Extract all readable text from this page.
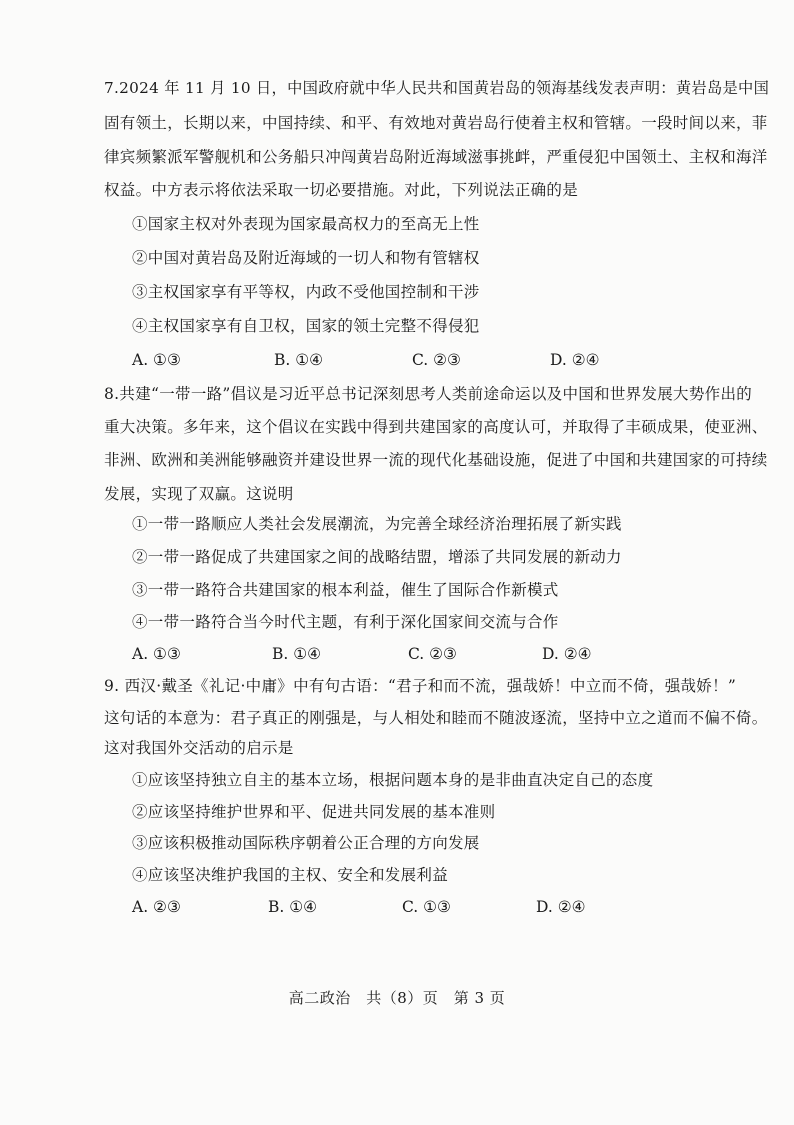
7.2024 年 11 月 10 日，中国政府就中华人民共和国黄岩岛的领海基线发表声明：黄岩岛是中国
固有领土，长期以来，中国持续、和平、有效地对黄岩岛行使着主权和管辖。一段时间以来，菲
律宾频繁派军警舰机和公务船只冲闯黄岩岛附近海域滋事挑衅，严重侵犯中国领土、主权和海洋
权益。中方表示将依法采取一切必要措施。对此，下列说法正确的是
①国家主权对外表现为国家最高权力的至高无上性
②中国对黄岩岛及附近海域的一切人和物有管辖权
③主权国家享有平等权，内政不受他国控制和干涉
④主权国家享有自卫权，国家的领土完整不得侵犯
A. ①③	B. ①④	C. ②③	D. ②④
8.共建“一带一路”倡议是习近平总书记深刻思考人类前途命运以及中国和世界发展大势作出的
重大决策。多年来，这个倡议在实践中得到共建国家的高度认可，并取得了丰硕成果，使亚洲、
非洲、欧洲和美洲能够融资并建设世界一流的现代化基础设施，促进了中国和共建国家的可持续
发展，实现了双赢。这说明
①一带一路顺应人类社会发展潮流，为完善全球经济治理拓展了新实践
②一带一路促成了共建国家之间的战略结盟，增添了共同发展的新动力
③一带一路符合共建国家的根本利益，催生了国际合作新模式
④一带一路符合当今时代主题，有利于深化国家间交流与合作
A. ①③	B. ①④	C. ②③	D. ②④
9. 西汉·戴圣《礼记·中庸》中有句古语：“君子和而不流，强哉娇！中立而不倚，强哉娇！”
这句话的本意为：君子真正的刚强是，与人相处和睦而不随波逐流，坚持中立之道而不偏不倚。
这对我国外交活动的启示是
①应该坚持独立自主的基本立场，根据问题本身的是非曲直决定自己的态度
②应该坚持维护世界和平、促进共同发展的基本准则
③应该积极推动国际秩序朝着公正合理的方向发展
④应该坚决维护我国的主权、安全和发展利益
A. ②③	B. ①④	C. ①③	D. ②④
高二政治　共（8）页　第 3 页
